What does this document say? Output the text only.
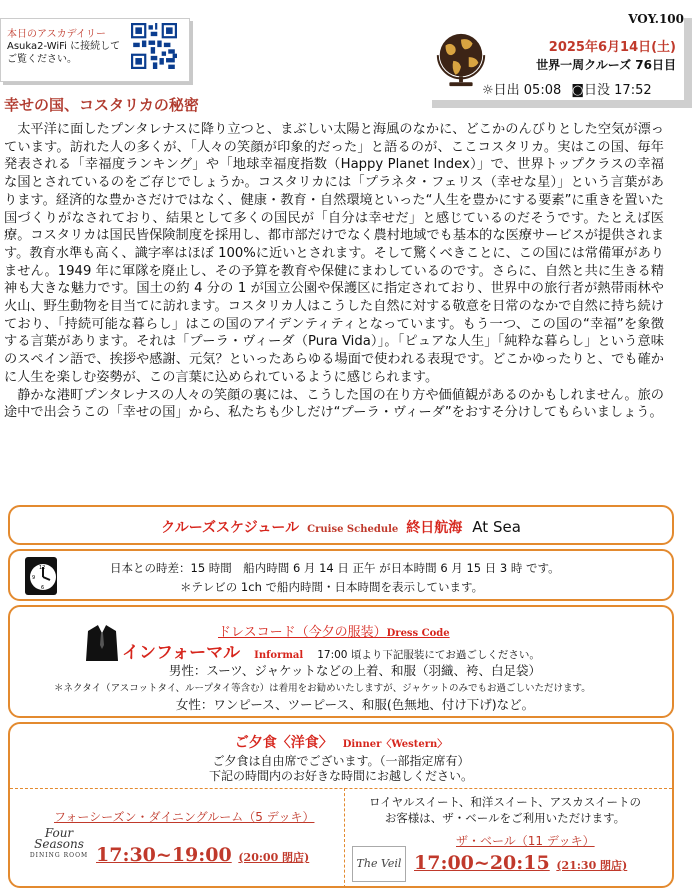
本日のアスカデイリー
Asuka2-WiFi に接続して
ご覧ください。
VOY.100
2025年6月14日(土)
世界一周クルーズ 76日目
☼日出 05:08 ◙日没 17:52
幸せの国、コスタリカの秘密

太平洋に面したプンタレナスに降り立つと、まぶしい太陽と海風のなかに、どこかのんびりとした空気が漂っています。訪れた人の多くが、「人々の笑顔が印象的だった」と語るのが、ここコスタリカ。実はこの国、毎年発表される「幸福度ランキング」や「地球幸福度指数（Happy Planet Index）」で、世界トップクラスの幸福な国とされているのをご存じでしょうか。コスタリカには「プラネタ・フェリス（幸せな星）」という言葉があります。経済的な豊かさだけではなく、健康・教育・自然環境といった“人生を豊かにする要素”に重きを置いた国づくりがなされており、結果として多くの国民が「自分は幸せだ」と感じているのだそうです。たとえば医療。コスタリカは国民皆保険制度を採用し、都市部だけでなく農村地域でも基本的な医療サービスが提供されます。教育水準も高く、識字率はほぼ 100%に近いとされます。そして驚くべきことに、この国には常備軍がありません。1949 年に軍隊を廃止し、その予算を教育や保健にまわしているのです。さらに、自然と共に生きる精神も大きな魅力です。国土の約 4 分の 1 が国立公園や保護区に指定されており、世界中の旅行者が熱帯雨林や火山、野生動物を目当てに訪れます。コスタリカ人はこうした自然に対する敬意を日常のなかで自然に持ち続けており、「持続可能な暮らし」はこの国のアイデンティティとなっています。もう一つ、この国の“幸福”を象徴する言葉があります。それは「プーラ・ヴィーダ（Pura Vida）」。「ピュアな人生」「純粋な暮らし」という意味のスペイン語で、挨拶や感謝、元気？といったあらゆる場面で使われる表現です。どこかゆったりと、でも確かに人生を楽しむ姿勢が、この言葉に込められているように感じられます。

静かな港町プンタレナスの人々の笑顔の裏には、こうした国の在り方や価値観があるのかもしれません。旅の途中で出会うこの「幸せの国」から、私たちも少しだけ“プーラ・ヴィーダ”をおすそ分けしてもらいましょう。

クルーズスケジュール Cruise Schedule 終日航海 At Sea
12
9
6
日本との時差：15 時間　船内時間 6 月 14 日 正午 が日本時間 6 月 15 日 3 時 です。
＊テレビの 1ch で船内時間・日本時間を表示しています。
ドレスコード（今夕の服装）Dress Code
インフォーマル Informal 17:00 頃より下記服装にてお過ごしください。
男性：スーツ、ジャケットなどの上着、和服（羽織、袴、白足袋）
＊ネクタイ（アスコットタイ、ループタイ等含む）は着用をお勧めいたしますが、ジャケットのみでもお過ごしいただけます。
女性：ワンピース、ツーピース、和服(色無地、付け下げ)など。
ご夕食〈洋食〉 Dinner〈Western〉
ご夕食は自由席でございます。（一部指定席有）
下記の時間内のお好きな時間にお越しください。
フォーシーズン・ダイニングルーム（5 デッキ）
Four
Seasons
DINING ROOM 17:30~19:00 (20:00 閉店)
ロイヤルスイート、和洋スイート、アスカスイートの
お客様は、ザ・ベールをご利用いただけます。
ザ・ベール（11 デッキ）
The Veil 17:00~20:15 (21:30 閉店)
